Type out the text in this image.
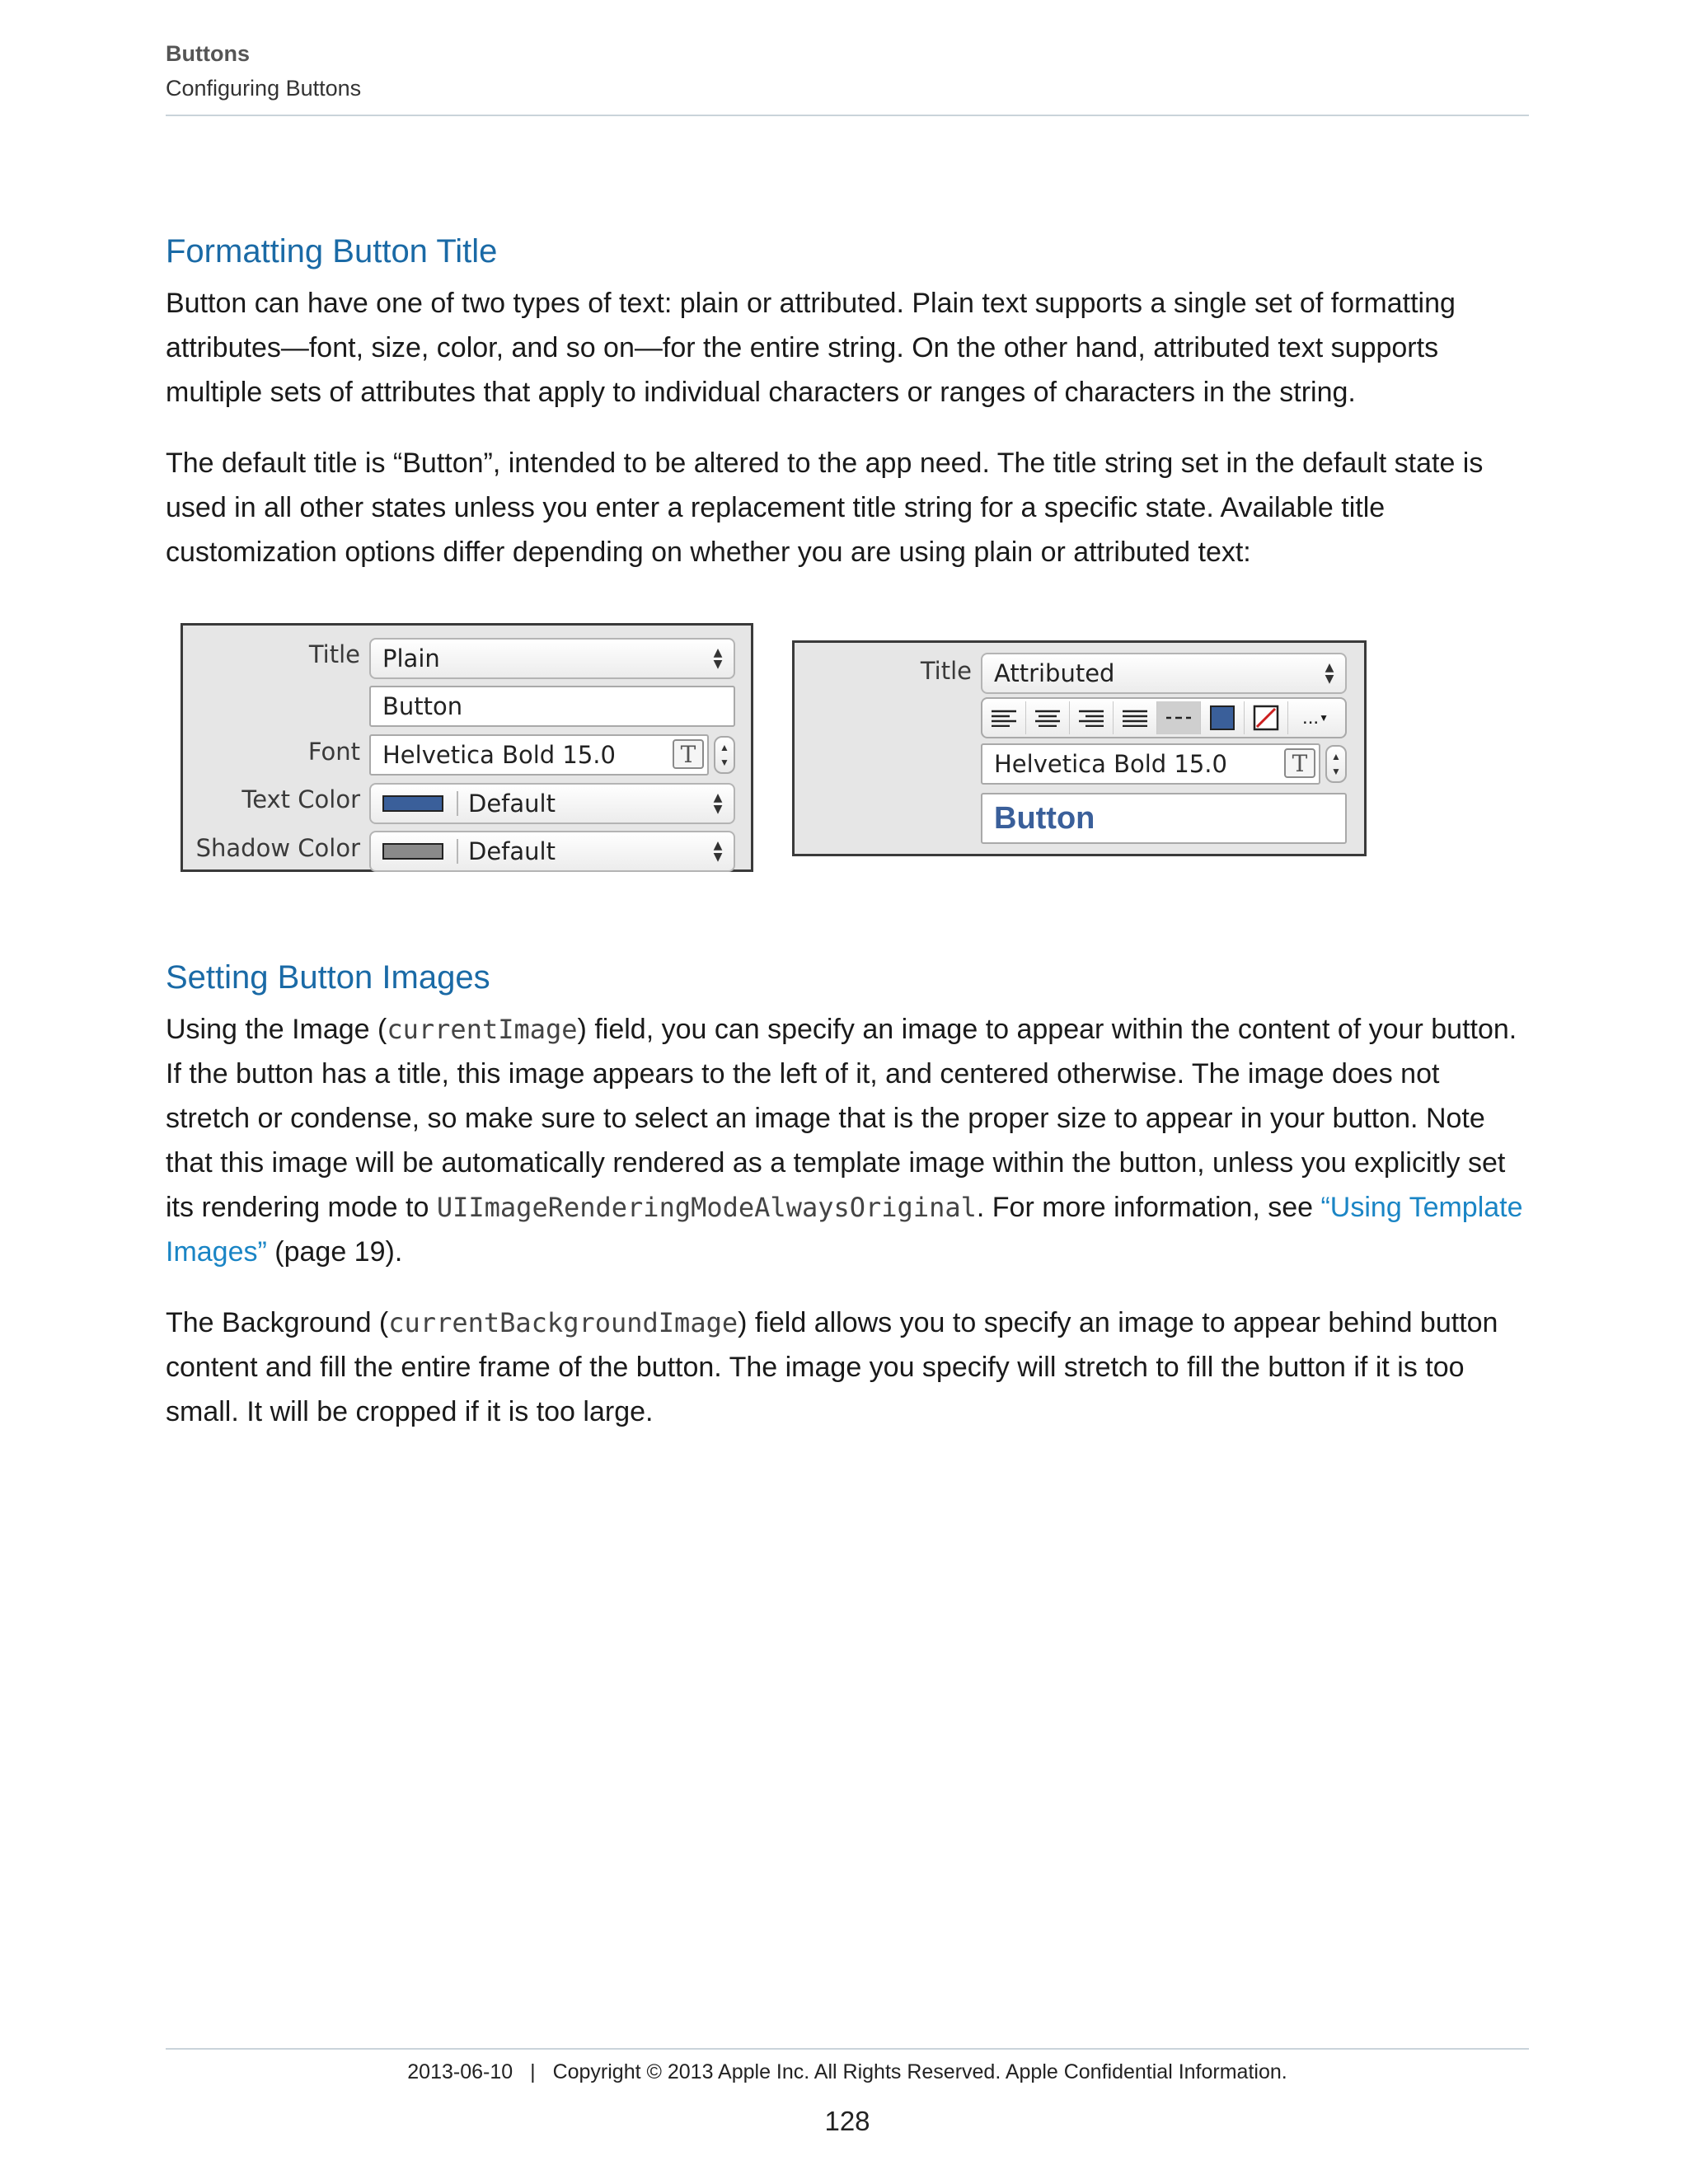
Buttons
Configuring Buttons
Formatting Button Title

Button can have one of two types of text: plain or attributed. Plain text supports a single set of formatting attributes—font, size, color, and so on—for the entire string. On the other hand, attributed text supports multiple sets of attributes that apply to individual characters or ranges of characters in the string.

The default title is “Button”, intended to be altered to the app need. The title string set in the default state is used in all other states unless you enter a replacement title string for a specific state. Available title customization options differ depending on whether you are using plain or attributed text:

Title Plain	▲
▼
Button
Font Helvetica Bold 15.0	T	▲
▼
Text Color	Default	▲
▼
Shadow Color	Default	▲
▼
Title Attributed	▲
▼
... ▼
Helvetica Bold 15.0	T	▲
▼
Button
Setting Button Images

Using the Image (currentImage) field, you can specify an image to appear within the content of your button. If the button has a title, this image appears to the left of it, and centered otherwise. The image does not stretch or condense, so make sure to select an image that is the proper size to appear in your button. Note that this image will be automatically rendered as a template image within the button, unless you explicitly set its rendering mode to UIImageRenderingModeAlwaysOriginal. For more information, see “Using Template Images” (page 19).

The Background (currentBackgroundImage) field allows you to specify an image to appear behind button content and fill the entire frame of the button. The image you specify will stretch to fill the button if it is too small. It will be cropped if it is too large.

2013-06-10 | Copyright © 2013 Apple Inc. All Rights Reserved. Apple Confidential Information.
128
